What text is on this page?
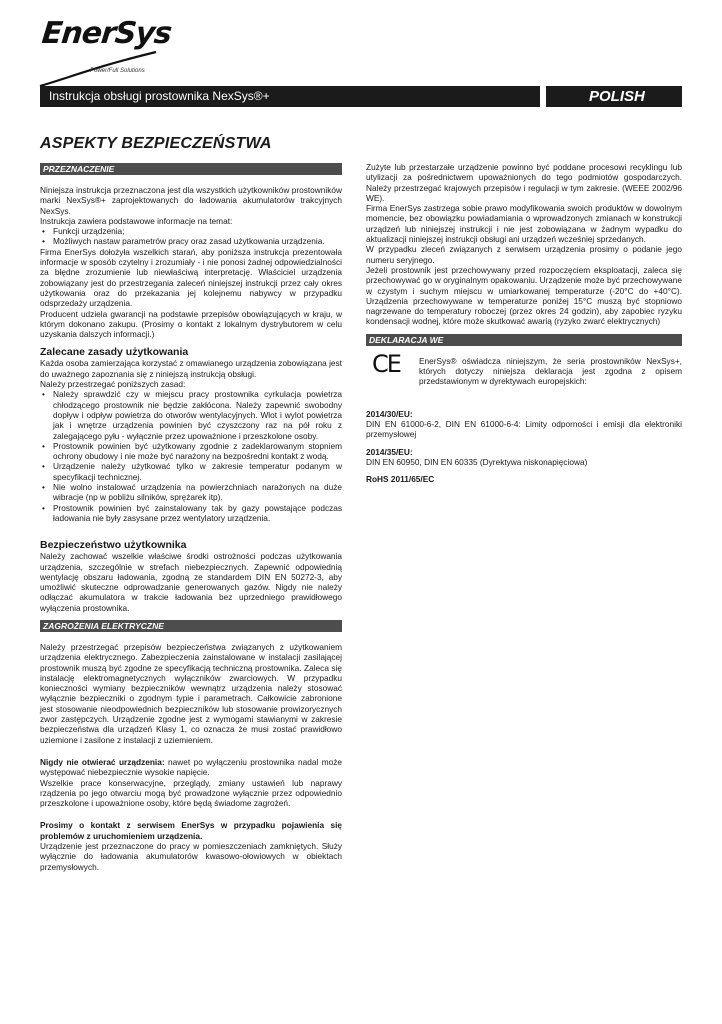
EnerSys
Power/Full Solutions
Instrukcja obsługi prostownika NexSys®+	POLISH
ASPEKTY BEZPIECZEŃSTWA
PRZEZNACZENIE

Niniejsza instrukcja przeznaczona jest dla wszystkich użytkowników prostowników marki NexSys®+ zaprojektowanych do ładowania akumulatorów trakcyjnych NexSys.

Instrukcja zawiera podstawowe informacje na temat:

• Funkcji urządzenia;
• Możliwych nastaw parametrów pracy oraz zasad użytkowania urządzenia.

Firma EnerSys dołożyła wszelkich starań, aby poniższa instrukcja prezentowała informacje w sposób czytelny i zrozumiały - i nie ponosi żadnej odpowiedzialności za błędne zrozumienie lub niewłaściwą interpretację. Właściciel urządzenia zobowiązany jest do przestrzegania zaleceń niniejszej instrukcji przez cały okres użytkowania oraz do przekazania jej kolejnemu nabywcy w przypadku odsprzedaży urządzenia.

Producent udziela gwarancji na podstawie przepisów obowiązujących w kraju, w którym dokonano zakupu. (Prosimy o kontakt z lokalnym dystrybutorem w celu uzyskania dalszych informacji.)

Zalecane zasady użytkowania

Każda osoba zamierzająca korzystać z omawianego urządzenia zobowiązana jest do uważnego zapoznania się z niniejszą instrukcją obsługi.

Należy przestrzegać poniższych zasad:

• Należy sprawdzić czy w miejscu pracy prostownika cyrkulacja powietrza chłodzącego prostownik nie będzie zakłócona. Należy zapewnić swobodny dopływ i odpływ powietrza do otworów wentylacyjnych. Wlot i wylot powietrza jak i wnętrze urządzenia powinien być czyszczony raz na pół roku z zalegającego pyłu - wyłącznie przez upoważnione i przeszkolone osoby.
• Prostownik powinien być użytkowany zgodnie z zadeklarowanym stopniem ochrony obudowy i nie może być narażony na bezpośredni kontakt z wodą.
• Urządzenie należy użytkować tylko w zakresie temperatur podanym w specyfikacji technicznej.
• Nie wolno instalować urządzenia na powierzchniach narażonych na duże wibracje (np w pobliżu silników, sprężarek itp).
• Prostownik powinien być zainstalowany tak by gazy powstające podczas ładowania nie były zasysane przez wentylatory urządzenia.
Bezpieczeństwo użytkownika

Należy zachować wszelkie właściwe środki ostrożności podczas użytkowania urządzenia, szczególnie w strefach niebezpiecznych. Zapewnić odpowiednią wentylację obszaru ładowania, zgodną ze standardem DIN EN 50272-3, aby umożliwić skuteczne odprowadzanie generowanych gazów. Nigdy nie należy odłączać akumulatora w trakcie ładowania bez uprzedniego prawidłowego wyłączenia prostownika.

ZAGROŻENIA ELEKTRYCZNE

Należy przestrzegać przepisów bezpieczeństwa związanych z użytkowaniem urządzenia elektrycznego. Zabezpieczenia zainstalowane w instalacji zasilającej prostownik muszą być zgodne ze specyfikacją techniczną prostownika. Zaleca się instalację elektromagnetycznych wyłączników zwarciowych. W przypadku konieczności wymiany bezpieczników wewnątrz urządzenia należy stosować wyłącznie bezpieczniki o zgodnym typie i parametrach. Całkowicie zabronione jest stosowanie nieodpowiednich bezpieczników lub stosowanie prowizorycznych zwor zastępczych. Urządzenie zgodne jest z wymogami stawianymi w zakresie bezpieczeństwa dla urządzeń Klasy 1, co oznacza że musi zostać prawidłowo uziemione i zasilone z instalacji z uziemieniem.

Nigdy nie otwierać urządzenia: nawet po wyłączeniu prostownika nadal może występować niebezpiecznie wysokie napięcie.

Wszelkie prace konserwacyjne, przeglądy, zmiany ustawień lub naprawy rządzenia po jego otwarciu mogą być prowadzone wyłącznie przez odpowiednio przeszkolone i upoważnione osoby, które będą świadome zagrożeń.

Prosimy o kontakt z serwisem EnerSys w przypadku pojawienia się problemów z uruchomieniem urządzenia.

Urządzenie jest przeznaczone do pracy w pomieszczeniach zamkniętych. Służy wyłącznie do ładowania akumulatorów kwasowo-ołowiowych w obiektach przemysłowych.

Zużyte lub przestarzałe urządzenie powinno być poddane procesowi recyklingu lub utylizacji za pośrednictwem upoważnionych do tego podmiotów gospodarczych. Należy przestrzegać krajowych przepisów i regulacji w tym zakresie. (WEEE 2002/96 WE).

Firma EnerSys zastrzega sobie prawo modyfikowania swoich produktów w dowolnym momencie, bez obowiązku powiadamiania o wprowadzonych zmianach w konstrukcji urządzeń lub niniejszej instrukcji i nie jest zobowiązana w żadnym wypadku do aktualizacji niniejszej instrukcji obsługi ani urządzeń wcześniej sprzedanych.

W przypadku zleceń związanych z serwisem urządzenia prosimy o podanie jego numeru seryjnego.

Jeżeli prostownik jest przechowywany przed rozpoczęciem eksploatacji, zaleca się przechowywać go w oryginalnym opakowaniu. Urządzenie może być przechowywane w czystym i suchym miejscu w umiarkowanej temperaturze (-20°C do +40°C). Urządzenia przechowywane w temperaturze poniżej 15°C muszą być stopniowo nagrzewane do temperatury roboczej (przez okres 24 godzin), aby zapobiec ryzyku kondensacji wodnej, które może skutkować awarią (ryzyko zwarć elektrycznych)

DEKLARACJA WE
CE EnerSys® oświadcza niniejszym, że seria prostowników NexSys+, których dotyczy niniejsza deklaracja jest zgodna z opisem przedstawionym w dyrektywach europejskich:

2014/30/EU:

DIN EN 61000-6-2, DIN EN 61000-6-4: Limity odporności i emisji dla elektroniki przemysłowej

2014/35/EU:

DIN EN 60950, DIN EN 60335 (Dyrektywa niskonapięciowa)

RoHS 2011/65/EC
